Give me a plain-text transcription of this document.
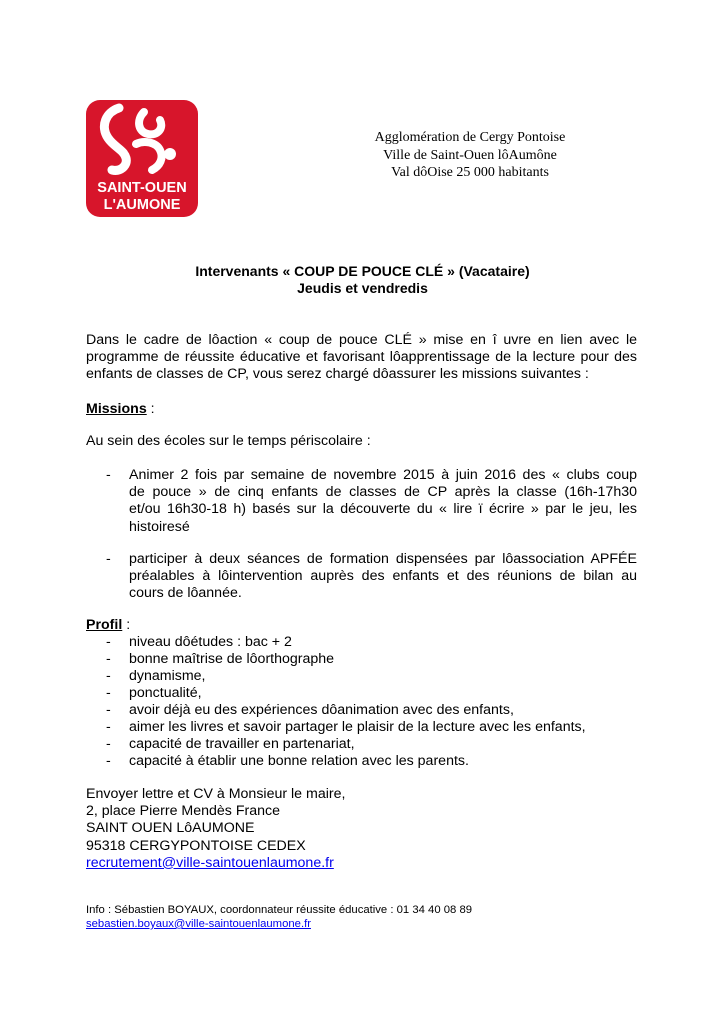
SAINT-OUEN
L'AUMONE
Agglomération de Cergy Pontoise
Ville de Saint-Ouen lôAumône
Val dôOise 25 000 habitants
Intervenants « COUP DE POUCE CLÉ » (Vacataire)
Jeudis et vendredis
Dans le cadre de lôaction « coup de pouce CLÉ » mise en î uvre en lien avec le
programme de réussite éducative et favorisant lôapprentissage de la lecture pour des
enfants de classes de CP, vous serez chargé dôassurer les missions suivantes :
Missions :
Au sein des écoles sur le temps périscolaire :
- Animer 2 fois par semaine de novembre 2015 à juin 2016 des « clubs coup
de pouce » de cinq enfants de classes de CP après la classe (16h-17h30
et/ou 16h30-18 h) basés sur la découverte du « lire ï écrire » par le jeu, les
histoiresé
- participer à deux séances de formation dispensées par lôassociation APFÉE
préalables à lôintervention auprès des enfants et des réunions de bilan au
cours de lôannée.
Profil :
- niveau dôétudes : bac + 2
- bonne maîtrise de lôorthographe
- dynamisme,
- ponctualité,
- avoir déjà eu des expériences dôanimation avec des enfants,
- aimer les livres et savoir partager le plaisir de la lecture avec les enfants,
- capacité de travailler en partenariat,
- capacité à établir une bonne relation avec les parents.
Envoyer lettre et CV à Monsieur le maire,
2, place Pierre Mendès France
SAINT OUEN LôAUMONE
95318 CERGYPONTOISE CEDEX
recrutement@ville-saintouenlaumone.fr
Info : Sébastien BOYAUX, coordonnateur réussite éducative : 01 34 40 08 89
sebastien.boyaux@ville-saintouenlaumone.fr
